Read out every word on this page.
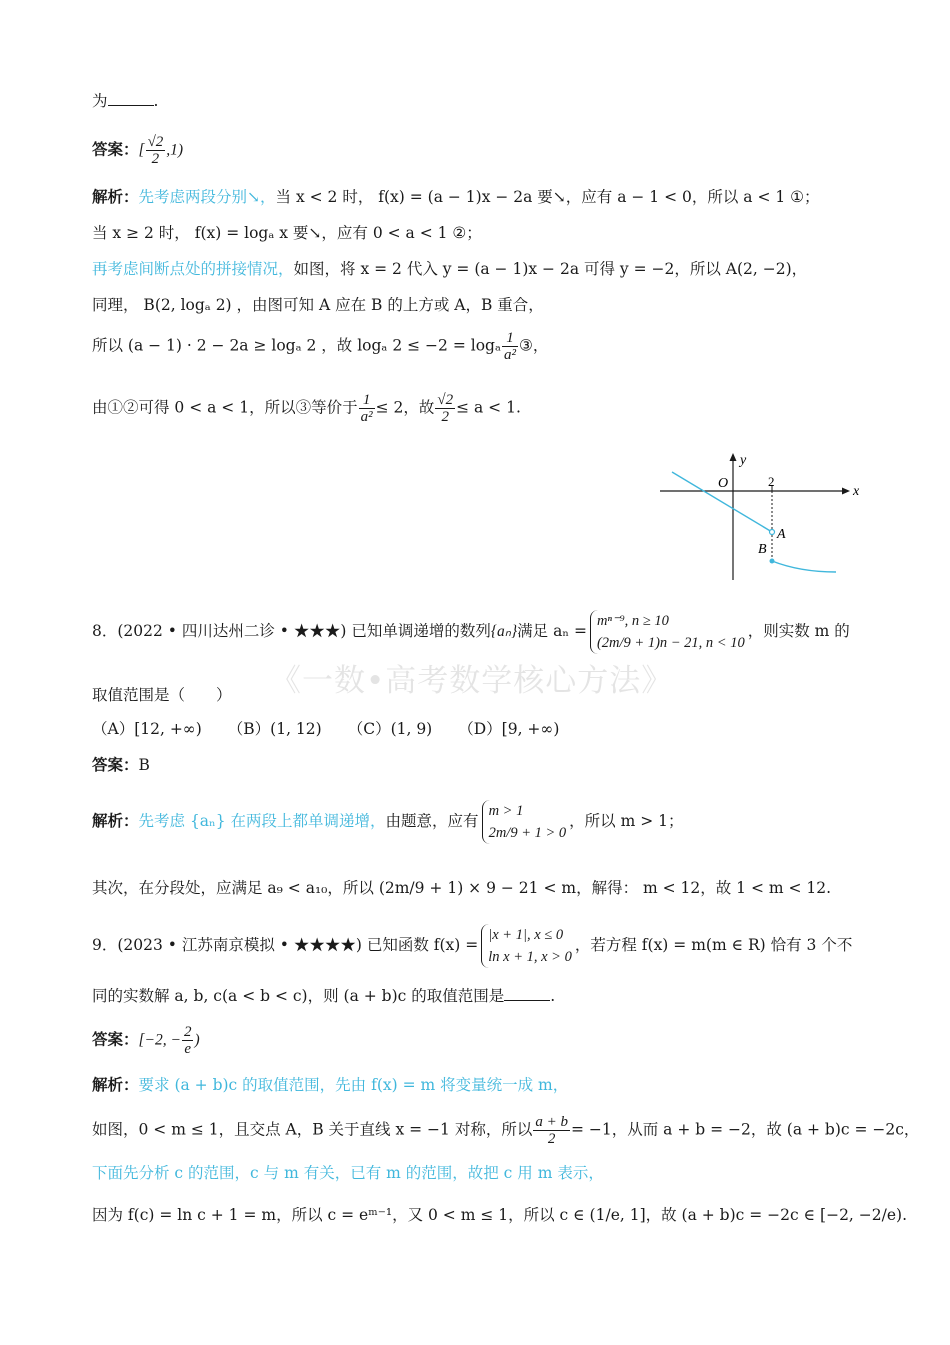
《一数•高考数学核心方法》
为	.
答案：[ $\frac{√2}{2} ,1$)
解析：先考虑两段分别↘，当 x < 2 时， f(x) = (a − 1)x − 2a 要↘，应有 a − 1 < 0，所以 a < 1 ①；
当 x ≥ 2 时， f(x) = logₐ x 要↘，应有 0 < a < 1 ②；
再考虑间断点处的拼接情况，如图，将 x = 2 代入 y = (a − 1)x − 2a 可得 y = −2，所以 A(2, −2)，
同理， B(2, logₐ 2) ，由图可知 A 应在 B 的上方或 A，B 重合，
所以 (a − 1) · 2 − 2a ≥ logₐ 2 ，故 logₐ 2 ≤ −2 = logₐ $\frac{1}{\text{a²}}$ ③，
由①②可得 0 < a < 1，所以③等价于 $\frac{1}{\text{a²}} \le 2$，故 $\frac{√2}{2} \le a < 1$.
y
x
O	2
A
B
8．(2022 • 四川达州二诊 • ★★★) 已知单调递增的数列{aₙ}满足 aₙ =
mⁿ⁻⁹, n ≥ 10
(2m/9 + 1)n − 21, n < 10
，则实数 m 的
取值范围是（　　）
（A）[12, +∞) （B）(1, 12) （C）(1, 9) （D）[9, +∞)
答案：B
解析：先考虑 {aₙ} 在两段上都单调递增，由题意，应有
m > 1
2m/9 + 1 > 0
，所以 m > 1；
其次，在分段处，应满足 a₉ < a₁₀，所以 (2m/9 + 1) × 9 − 21 < m，解得： m < 12，故 1 < m < 12.
9．(2023 • 江苏南京模拟 • ★★★★) 已知函数 f(x) =
|x + 1|, x ≤ 0
ln x + 1, x > 0
，若方程 f(x) = m(m ∈ R) 恰有 3 个不
同的实数解 a, b, c(a < b < c)，则 (a + b)c 的取值范围是	.
答案：[−2, − $\frac{2}{e}$ )
解析：要求 (a + b)c 的取值范围，先由 f(x) = m 将变量统一成 m，
如图，0 < m ≤ 1，且交点 A，B 关于直线 x = −1 对称，所以 $\frac{a + b}{2} = -1$，从而 a + b = −2，故 (a + b)c = −2c，
下面先分析 c 的范围，c 与 m 有关，已有 m 的范围，故把 c 用 m 表示，
因为 f(c) = ln c + 1 = m，所以 c = eᵐ⁻¹，又 0 < m ≤ 1，所以 c ∈ (1/e, 1]，故 (a + b)c = −2c ∈ [−2, −2/e).
